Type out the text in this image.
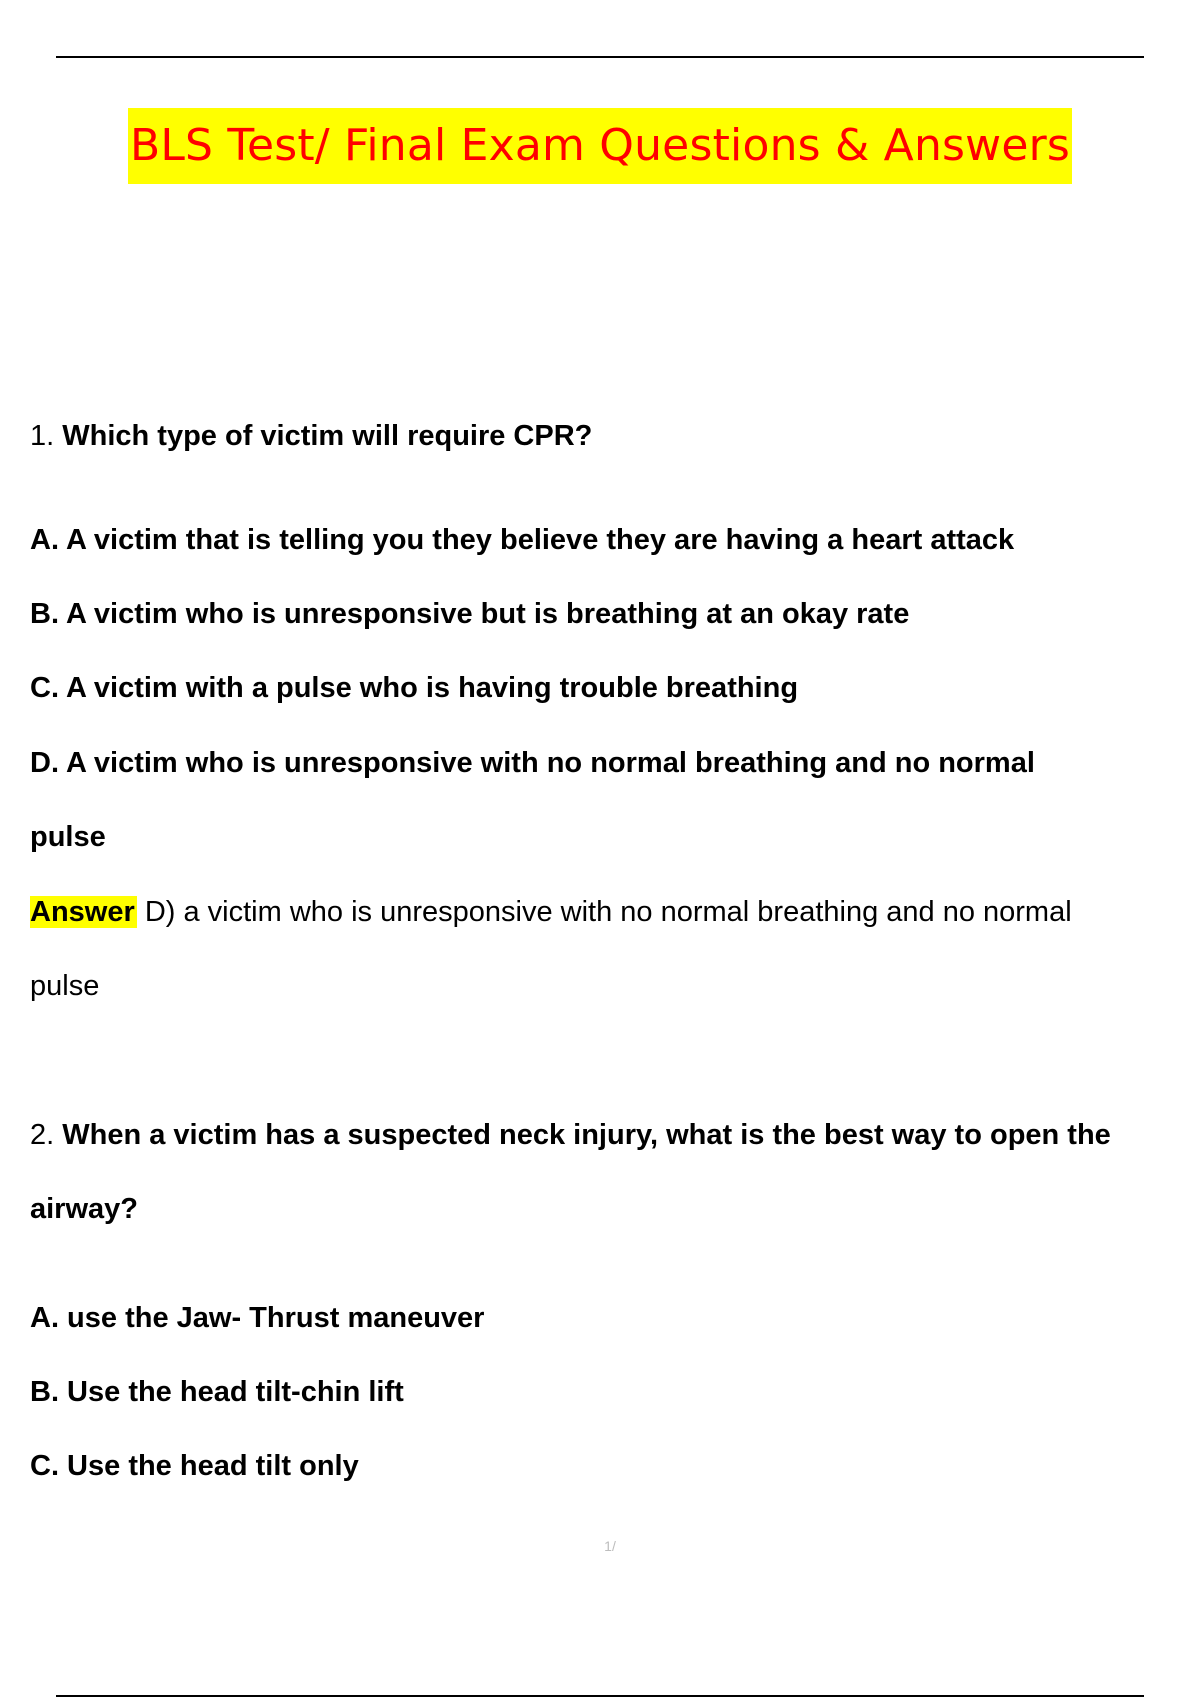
BLS Test/ Final Exam Questions & Answers
1. Which type of victim will require CPR?
A. A victim that is telling you they believe they are having a heart attack
B. A victim who is unresponsive but is breathing at an okay rate
C. A victim with a pulse who is having trouble breathing
D. A victim who is unresponsive with no normal breathing and no normal
pulse
Answer D) a victim who is unresponsive with no normal breathing and no normal
pulse
2. When a victim has a suspected neck injury, what is the best way to open the
airway?
A. use the Jaw- Thrust maneuver
B. Use the head tilt-chin lift
C. Use the head tilt only
1/
